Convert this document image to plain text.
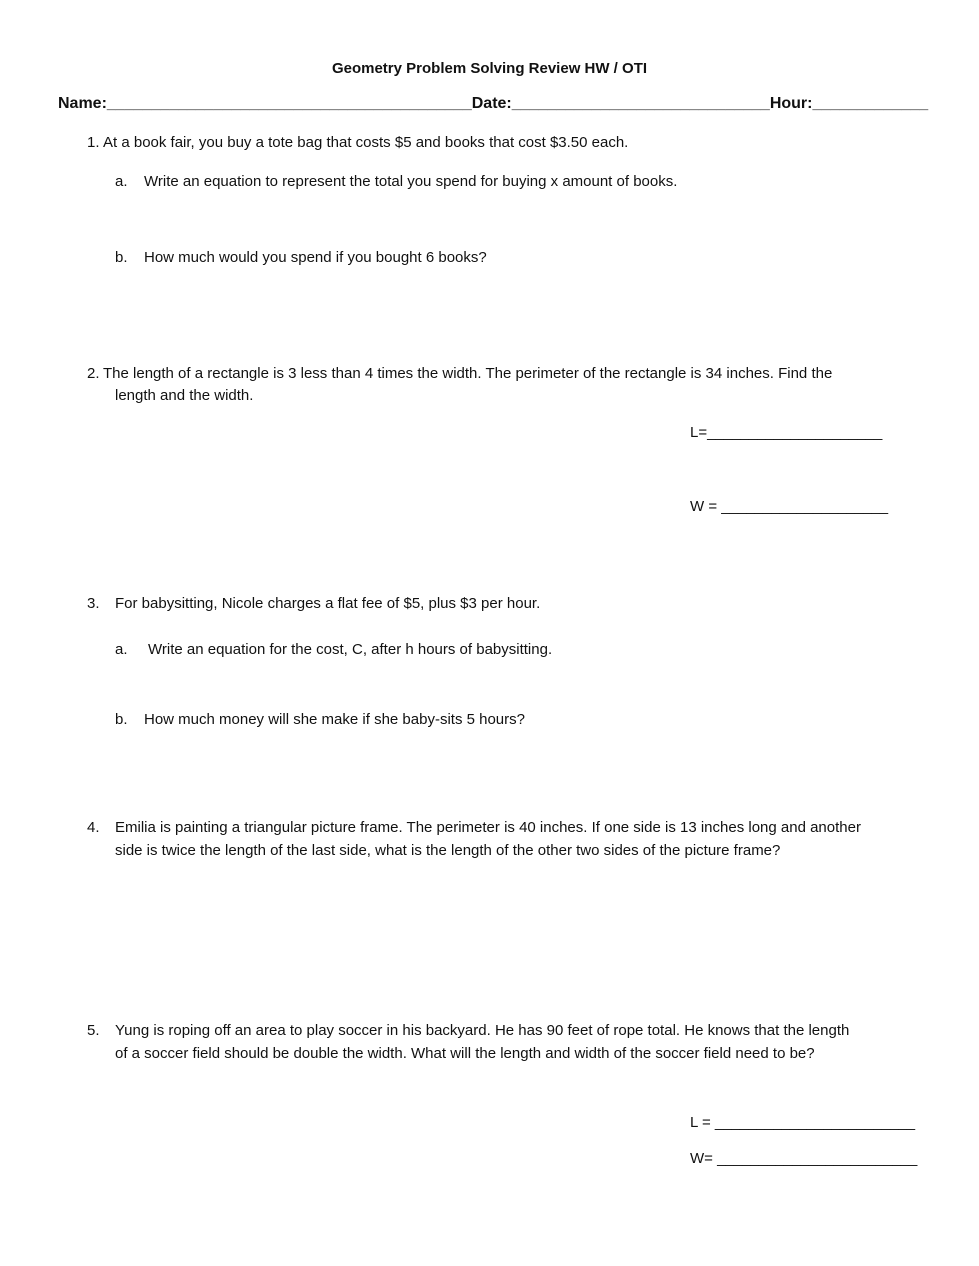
Geometry Problem Solving Review HW / OTI
Name:_________________________________________Date:_____________________________Hour:_____________
1. At a book fair, you buy a tote bag that costs $5 and books that cost $3.50 each.
a. Write an equation to represent the total you spend for buying x amount of books.
b. How much would you spend if you bought 6 books?
2. The length of a rectangle is 3 less than 4 times the width. The perimeter of the rectangle is 34 inches. Find the
length and the width.
L=_____________________
W = ____________________
3. For babysitting, Nicole charges a flat fee of $5, plus $3 per hour.
a. Write an equation for the cost, C, after h hours of babysitting.
b. How much money will she make if she baby-sits 5 hours?
4. Emilia is painting a triangular picture frame. The perimeter is 40 inches. If one side is 13 inches long and another
side is twice the length of the last side, what is the length of the other two sides of the picture frame?
5. Yung is roping off an area to play soccer in his backyard. He has 90 feet of rope total. He knows that the length
of a soccer field should be double the width. What will the length and width of the soccer field need to be?
L = ________________________
W= ________________________
